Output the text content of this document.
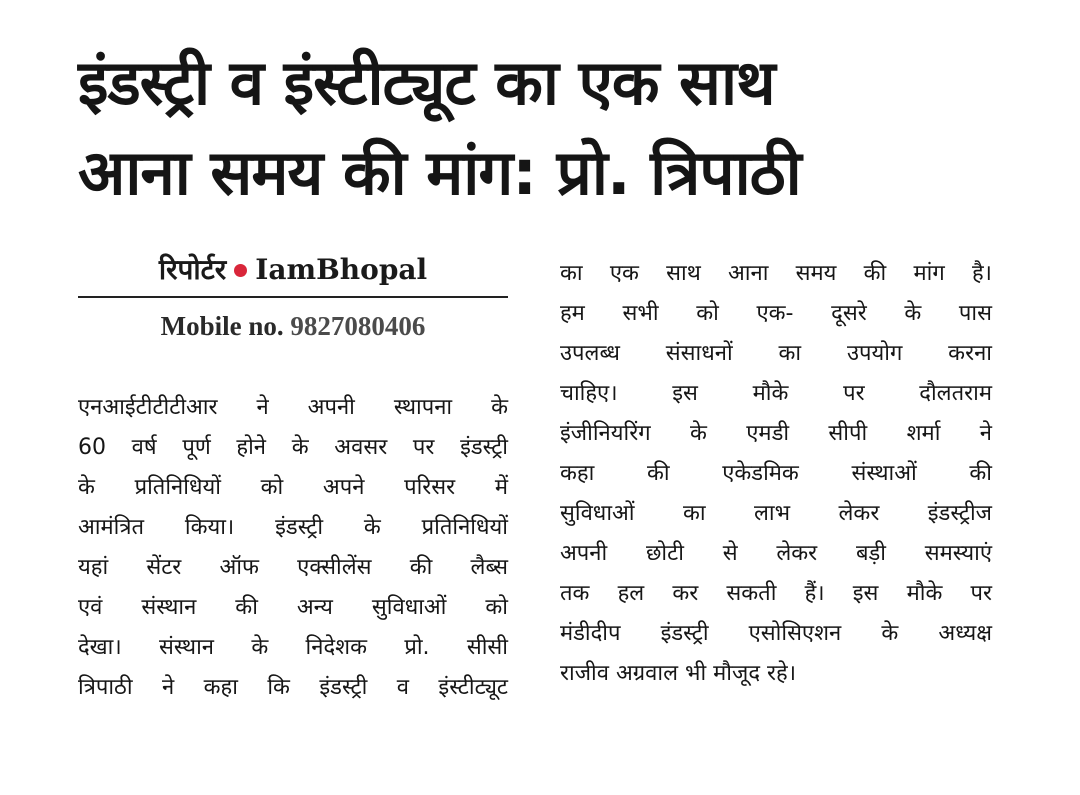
इंडस्ट्री व इंस्टीट्यूट का एक साथ
आना समय की मांग: प्रो. त्रिपाठी
रिपोर्टर IamBhopal
Mobile no. 9827080406
एनआईटीटीटीआर ने अपनी स्थापना के
60 वर्ष पूर्ण होने के अवसर पर इंडस्ट्री
के प्रतिनिधियों को अपने परिसर में
आमंत्रित किया। इंडस्ट्री के प्रतिनिधियों
यहां सेंटर ऑफ एक्सीलेंस की लैब्स
एवं संस्थान की अन्य सुविधाओं को
देखा। संस्थान के निदेशक प्रो. सीसी
त्रिपाठी ने कहा कि इंडस्ट्री व इंस्टीट्यूट
का एक साथ आना समय की मांग है।
हम सभी को एक- दूसरे के पास
उपलब्ध संसाधनों का उपयोग करना
चाहिए। इस मौके पर दौलतराम
इंजीनियरिंग के एमडी सीपी शर्मा ने
कहा की एकेडमिक संस्थाओं की
सुविधाओं का लाभ लेकर इंडस्ट्रीज
अपनी छोटी से लेकर बड़ी समस्याएं
तक हल कर सकती हैं। इस मौके पर
मंडीदीप इंडस्ट्री एसोसिएशन के अध्यक्ष
राजीव अग्रवाल भी मौजूद रहे।
